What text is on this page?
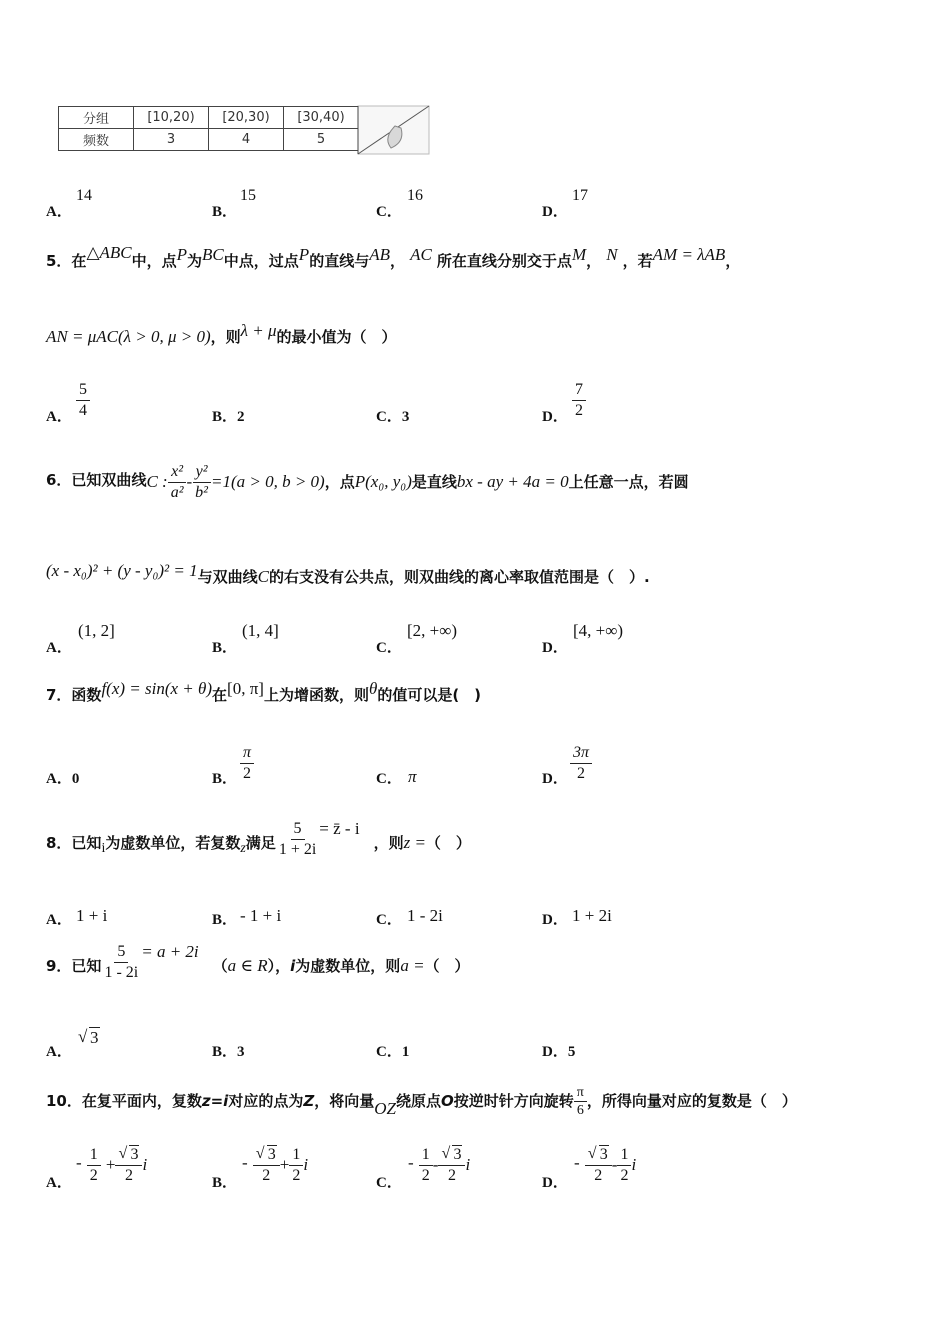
分组	[10,20)	[20,30)	[30,40)
频数	3	4	5
A．
14
B．
15
C．
16
D．
17
5．在△ABC中，点P为BC中点，过点P的直线与AB， AC 所在直线分别交于点M， N ，若AM = λAB，
AN = μAC(λ > 0, μ > 0)，则λ + μ的最小值为（　）
A． $\frac{5}{4}$	B．2	C．3	D． $\frac{7}{2}$
6．已知双曲线C : $\frac{\text{x²}}{\text{a²}} - \frac{\text{y²}}{\text{b²}} =1(a > 0$, b > 0)，点P(x₀, y₀)是直线bx - ay + 4a = 0上任意一点，若圆
(x - x₀)² + (y - y₀)² = 1与双曲线C的右支没有公共点，则双曲线的离心率取值范围是（　）.
A．
(1, 2]
B．
(1, 4]
C．
[2, +∞)
D．
[4, +∞)
7．函数f(x) = sin(x + θ)在[0, π]上为增函数，则θ的值可以是(　)
A．0	B． $\frac{\pi}{2}$	C． π	D． $\frac{3\pi}{2}$
8．已知i为虚数单位，若复数z满足 $\frac{5}{1 + 2i}$ = z̄ - i，则z =（　）
A． 1 + i	B． - 1 + i	C． 1 - 2i	D． 1 + 2i
9．已知 $\frac{5}{1 - 2i} = a + 2i(a$ ∈ R），i为虚数单位，则a =（　）
A．
√ 3
B．3	C．1	D．5
10．在复平面内，复数z=i对应的点为Z，将向量OZ绕原点O按逆时针方向旋转 $\frac{\pi}{6}$ ，所得向量对应的复数是（　）
A．
- $\frac{1}{2}$ + √ $\frac{3}{2}$ i
B．
- √ $\frac{3}{2} + \frac{1}{2}$ i
C．
- $\frac{1}{2}$ - √ $\frac{3}{2}$ i
D．
- √ $\frac{3}{2} - \frac{1}{2}$ i
